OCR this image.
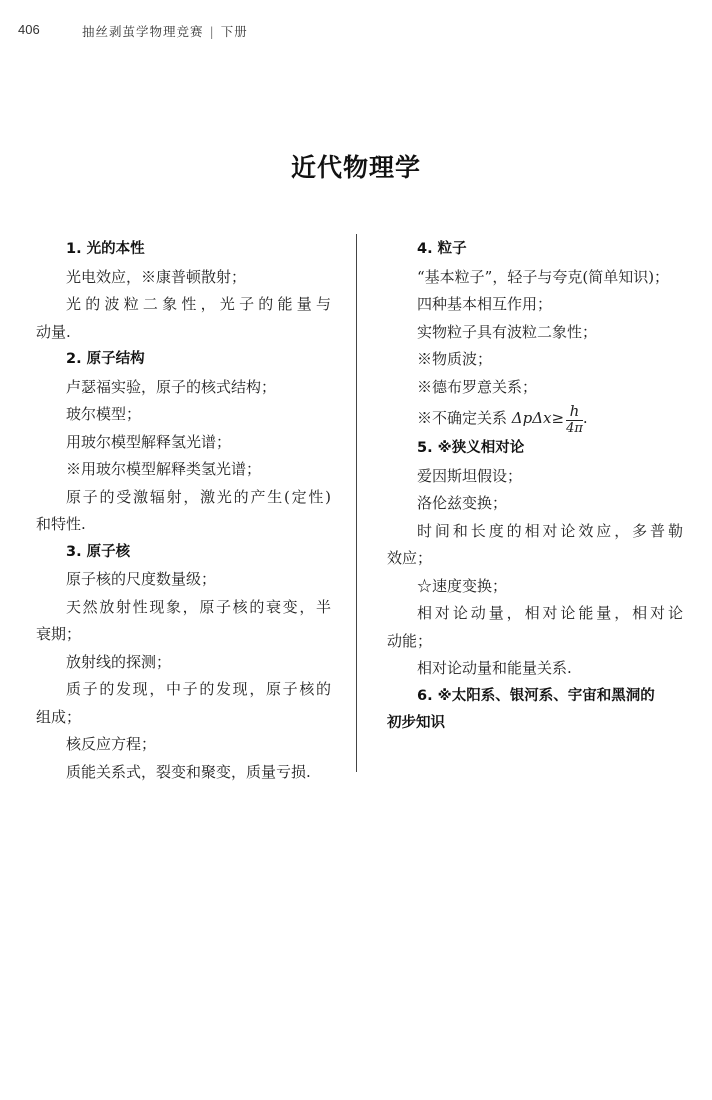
406	抽丝剥茧学物理竞赛 | 下册
近代物理学
1. 光的本性
光电效应，※康普顿散射；
光的波粒二象性，光子的能量与
动量.
2. 原子结构
卢瑟福实验，原子的核式结构；
玻尔模型；
用玻尔模型解释氢光谱；
※用玻尔模型解释类氢光谱；
原子的受激辐射，激光的产生(定性)
和特性.
3. 原子核
原子核的尺度数量级；
天然放射性现象，原子核的衰变，半
衰期；
放射线的探测；
质子的发现，中子的发现，原子核的
组成；
核反应方程；
质能关系式，裂变和聚变，质量亏损.
4. 粒子
“基本粒子”，轻子与夸克(简单知识)；
四种基本相互作用；
实物粒子具有波粒二象性；
※物质波；
※德布罗意关系；
※不确定关系 $\Delta p\Delta x\ge \frac{h}{4\pi}$ .
5. ※狭义相对论
爱因斯坦假设；
洛伦兹变换；
时间和长度的相对论效应，多普勒
效应；
☆速度变换；
相对论动量，相对论能量，相对论
动能；
相对论动量和能量关系.
6. ※太阳系、银河系、宇宙和黑洞的
初步知识
